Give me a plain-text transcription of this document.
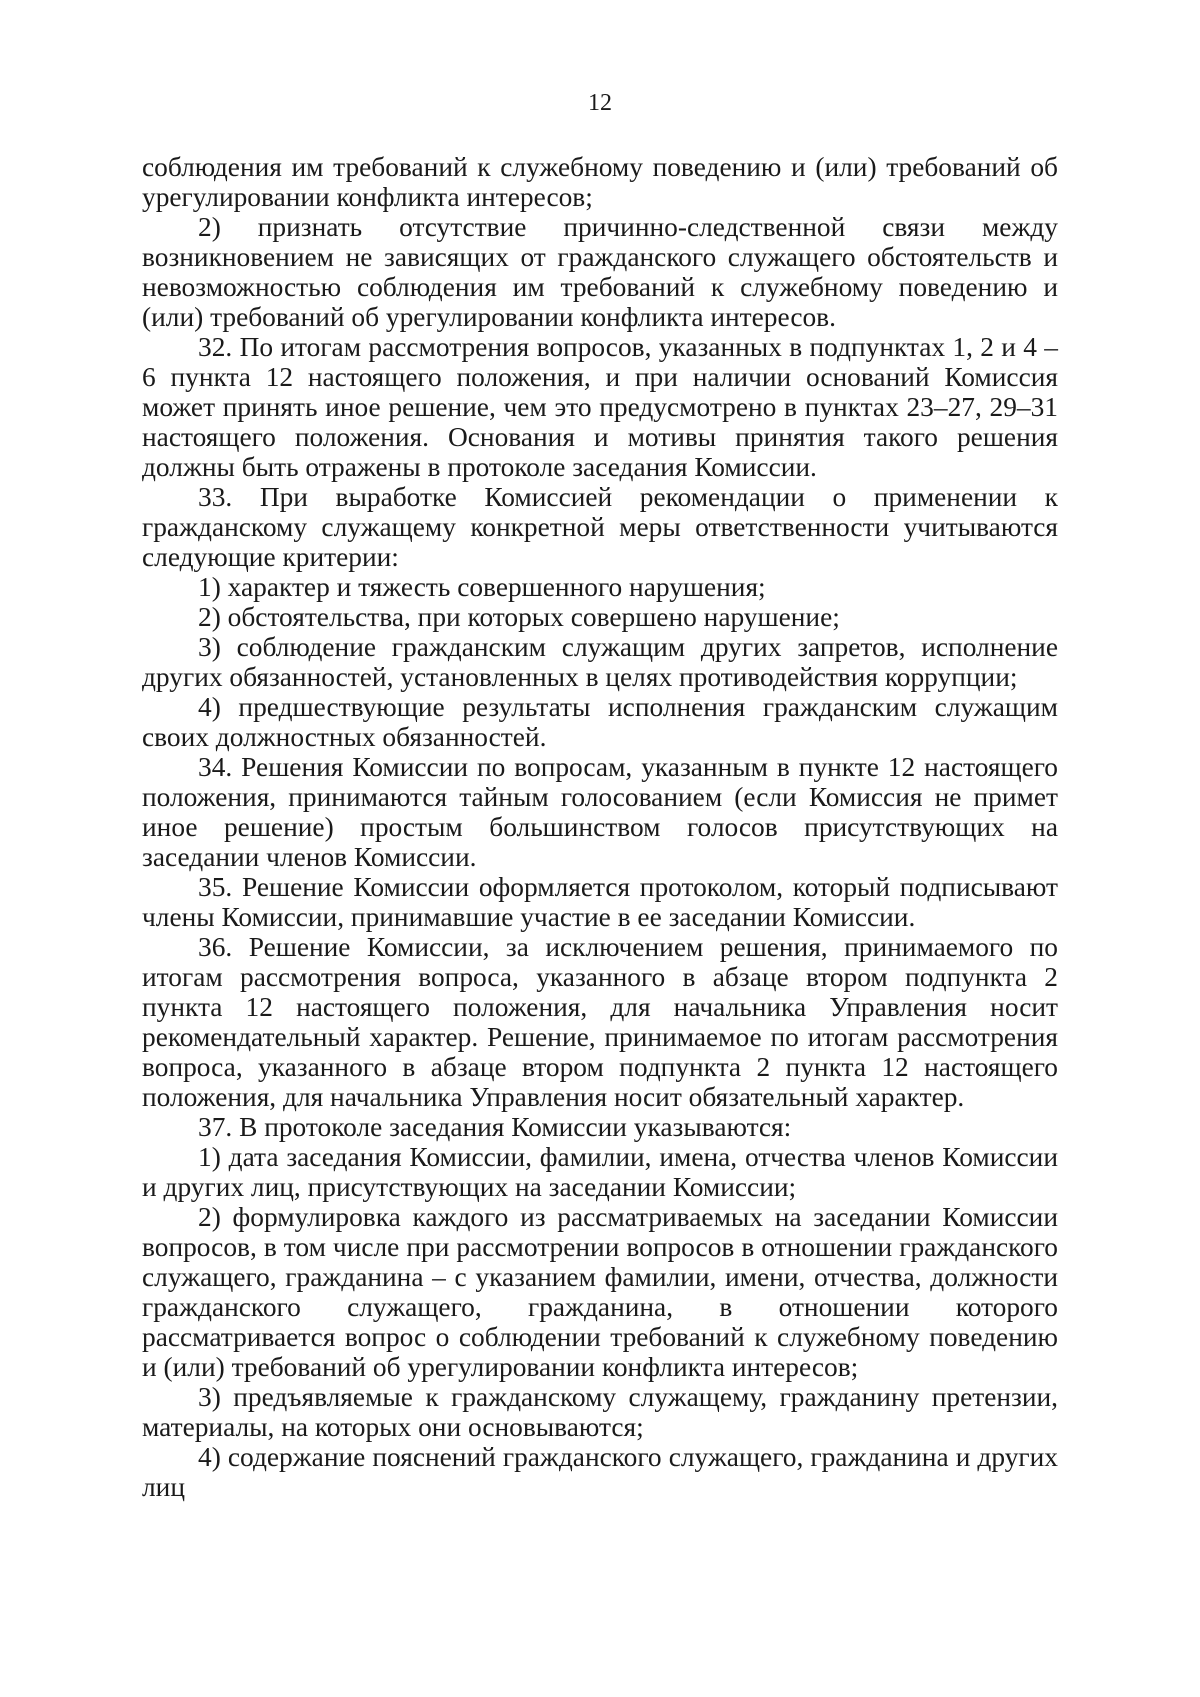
12

соблюдения им требований к служебному поведению и (или) требований об урегулировании конфликта интересов;

2) признать отсутствие причинно-следственной связи между возникновением не зависящих от гражданского служащего обстоятельств и невозможностью соблюдения им требований к служебному поведению и (или) требований об урегулировании конфликта интересов.

32. По итогам рассмотрения вопросов, указанных в подпунктах 1, 2 и 4 – 6 пункта 12 настоящего положения, и при наличии оснований Комиссия может принять иное решение, чем это предусмотрено в пунктах 23–27, 29–31 настоящего положения. Основания и мотивы принятия такого решения должны быть отражены в протоколе заседания Комиссии.

33. При выработке Комиссией рекомендации о применении к гражданскому служащему конкретной меры ответственности учитываются следующие критерии:

1) характер и тяжесть совершенного нарушения;

2) обстоятельства, при которых совершено нарушение;

3) соблюдение гражданским служащим других запретов, исполнение других обязанностей, установленных в целях противодействия коррупции;

4) предшествующие результаты исполнения гражданским служащим своих должностных обязанностей.

34. Решения Комиссии по вопросам, указанным в пункте 12 настоящего положения, принимаются тайным голосованием (если Комиссия не примет иное решение) простым большинством голосов присутствующих на заседании членов Комиссии.

35. Решение Комиссии оформляется протоколом, который подписывают члены Комиссии, принимавшие участие в ее заседании Комиссии.

36. Решение Комиссии, за исключением решения, принимаемого по итогам рассмотрения вопроса, указанного в абзаце втором подпункта 2 пункта 12 настоящего положения, для начальника Управления носит рекомендательный характер. Решение, принимаемое по итогам рассмотрения вопроса, указанного в абзаце втором подпункта 2 пункта 12 настоящего положения, для начальника Управления носит обязательный характер.

37. В протоколе заседания Комиссии указываются:

1) дата заседания Комиссии, фамилии, имена, отчества членов Комиссии и других лиц, присутствующих на заседании Комиссии;

2) формулировка каждого из рассматриваемых на заседании Комиссии вопросов, в том числе при рассмотрении вопросов в отношении гражданского служащего, гражданина – с указанием фамилии, имени, отчества, должности гражданского служащего, гражданина, в отношении которого рассматривается вопрос о соблюдении требований к служебному поведению и (или) требований об урегулировании конфликта интересов;

3) предъявляемые к гражданскому служащему, гражданину претензии, материалы, на которых они основываются;

4) содержание пояснений гражданского служащего, гражданина и других лиц
